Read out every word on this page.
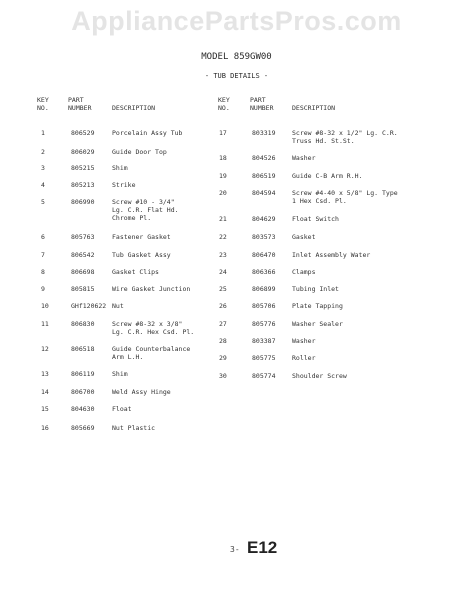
AppliancePartsPros.com
MODEL 859GW00
- TUB DETAILS -
KEY
NO.
PART
NUMBER	DESCRIPTION
KEY
NO.
PART
NUMBER	DESCRIPTION
1	806529	Porcelain Assy Tub
2	806029	Guide Door Top
3	805215	Shim
4	805213	Strike
5	806990	Screw #10 - 3/4"
Lg. C.R. Flat Hd.
Chrome Pl.
6	805763	Fastener Gasket
7	806542	Tub Gasket Assy
8	806698	Gasket Clips
9	805815	Wire Gasket Junction
10	GHf120622 Nut
11	806830	Screw #8-32 x 3/8"
Lg. C.R. Hex Csd. Pl.
12	806518	Guide Counterbalance
Arm L.H.
13	806119	Shim
14	806700	Weld Assy Hinge
15	804630	Float
16	805669	Nut Plastic
17	803319	Screw #8-32 x 1/2" Lg. C.R.
Truss Hd. St.St.
18	804526	Washer
19	806519	Guide C-B Arm R.H.
20	804594	Screw #4-40 x 5/8" Lg. Type
1 Hex Csd. Pl.
21	804629	Float Switch
22	803573	Gasket
23	806470	Inlet Assembly Water
24	806366	Clamps
25	806899	Tubing Inlet
26	805706	Plate Tapping
27	805776	Washer Sealer
28	803387	Washer
29	805775	Roller
30	805774	Shoulder Screw
3- E12
